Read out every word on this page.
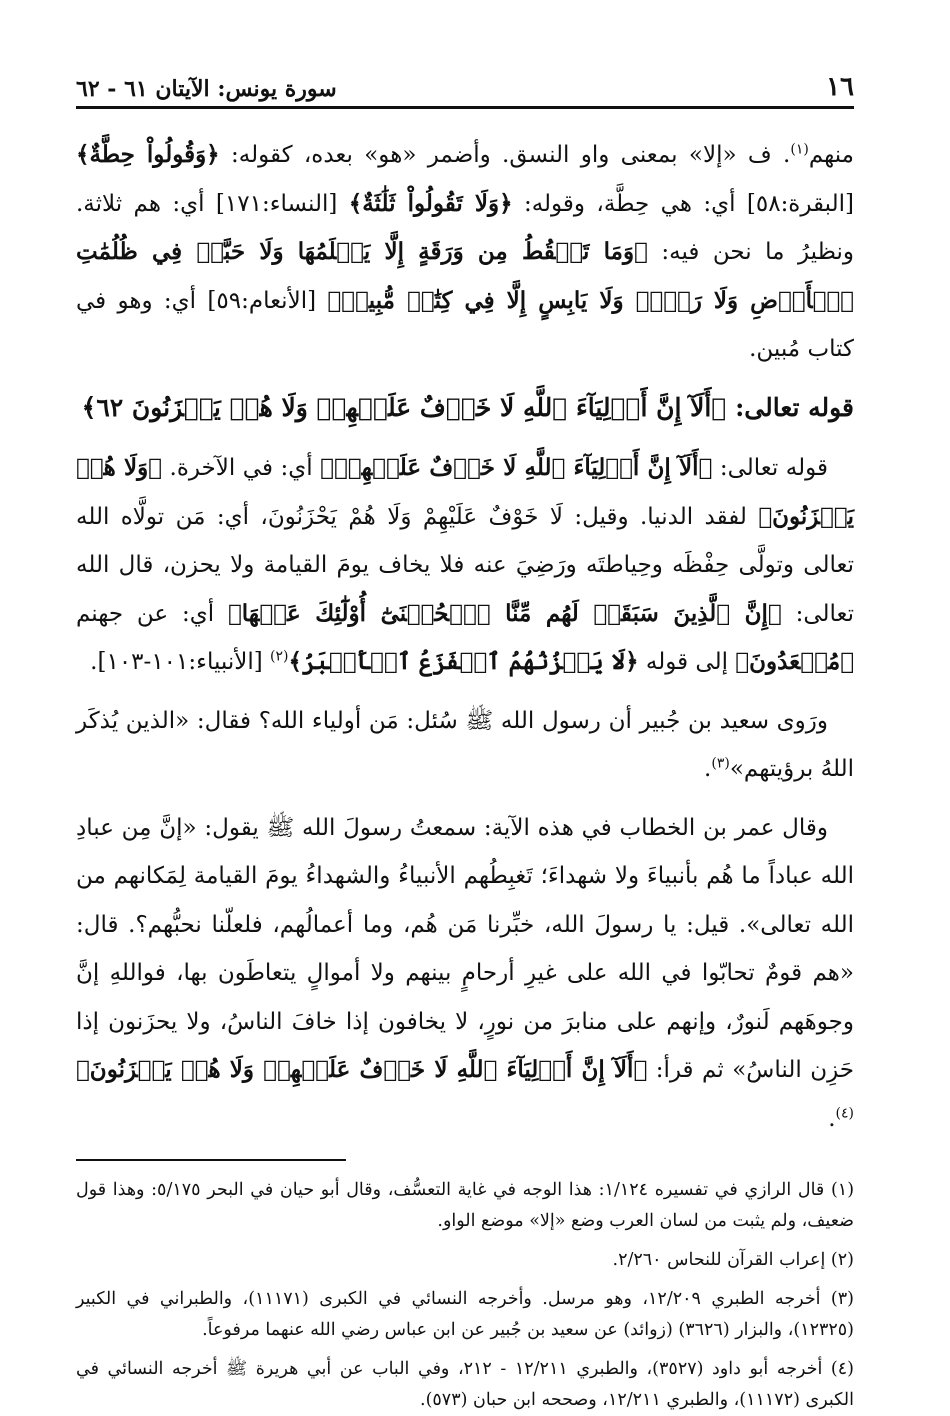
١٦
سورة يونس: الآيتان ٦١ - ٦٢

منهم$^{(١)}$. ف «إلا» بمعنى واو النسق. وأضمر «هو» بعده، كقوله: ﴿وَقُولُواْ حِطَّةٌ﴾ [البقرة:٥٨] أي: هي حِطَّة، وقوله: ﴿وَلَا تَقُولُواْ ثَلَٰثَةٌ﴾ [النساء:١٧١] أي: هم ثلاثة. ونظيرُ ما نحن فيه: ﴿وَمَا تَسۡقُطُ مِن وَرَقَةٍ إِلَّا يَعۡلَمُهَا وَلَا حَبَّةٖ فِي ظُلُمَٰتِ ٱلۡأَرۡضِ وَلَا رَطۡبٖ وَلَا يَابِسٍ إِلَّا فِي كِتَٰبٖ مُّبِينٖ﴾ [الأنعام:٥٩] أي: وهو في كتاب مُبين.

قوله تعالى: ﴿أَلَآ إِنَّ أَوۡلِيَآءَ ٱللَّهِ لَا خَوۡفٌ عَلَيۡهِمۡ وَلَا هُمۡ يَحۡزَنُونَ ٦٢﴾

قوله تعالى: ﴿أَلَآ إِنَّ أَوۡلِيَآءَ ٱللَّهِ لَا خَوۡفٌ عَلَيۡهِمۡ﴾ أي: في الآخرة. ﴿وَلَا هُمۡ يَحۡزَنُونَ﴾ لفقد الدنيا. وقيل: لَا خَوْفٌ عَلَيْهِمْ وَلَا هُمْ يَحْزَنُونَ، أي: مَن تولَّاه الله تعالى وتولَّى حِفْظَه وحِياطتَه ورَضِيَ عنه فلا يخاف يومَ القيامة ولا يحزن، قال الله تعالى: ﴿إِنَّ ٱلَّذِينَ سَبَقَتۡ لَهُم مِّنَّا ٱلۡحُسۡنَىٰٓ أُوْلَٰٓئِكَ عَنۡهَا﴾ أي: عن جهنم ﴿مُبۡعَدُونَ﴾ إلى قوله ﴿لَا يَحۡزُنُهُمُ ٱلۡفَزَعُ ٱلۡأَكۡبَرُ﴾$^{(٢)}$ [الأنبياء:١٠١-١٠٣].

ورَوى سعيد بن جُبير أن رسول الله ﷺ سُئل: مَن أولياء الله؟ فقال: «الذين يُذكَر اللهُ برؤيتهم»$^{(٣)}$.

وقال عمر بن الخطاب في هذه الآية: سمعتُ رسولَ الله ﷺ يقول: «إنَّ مِن عبادِ الله عباداً ما هُم بأنبياءَ ولا شهداءَ؛ تَغبِطُهم الأنبياءُ والشهداءُ يومَ القيامة لِمَكانهم من الله تعالى». قيل: يا رسولَ الله، خبِّرنا مَن هُم، وما أعمالُهم، فلعلّنا نحبُّهم؟. قال: «هم قومٌ تحابّوا في الله على غيرِ أرحامٍ بينهم ولا أموالٍ يتعاطَون بها، فواللهِ إنَّ وجوهَهم لَنورٌ، وإنهم على منابرَ من نورٍ، لا يخافون إذا خافَ الناسُ، ولا يحزَنون إذا حَزِن الناسُ» ثم قرأ: ﴿أَلَآ إِنَّ أَوۡلِيَآءَ ٱللَّهِ لَا خَوۡفٌ عَلَيۡهِمۡ وَلَا هُمۡ يَحۡزَنُونَ﴾$^{(٤)}$.

(١) قال الرازي في تفسيره ١/١٢٤: هذا الوجه في غاية التعسُّف، وقال أبو حيان في البحر ٥/١٧٥: وهذا قول ضعيف، ولم يثبت من لسان العرب وضع «إلا» موضع الواو.

(٢) إعراب القرآن للنحاس ٢/٢٦٠.

(٣) أخرجه الطبري ١٢/٢٠٩، وهو مرسل. وأخرجه النسائي في الكبرى (١١١٧١)، والطبراني في الكبير (١٢٣٢٥)، والبزار (٣٦٢٦) (زوائد) عن سعيد بن جُبير عن ابن عباس رضي الله عنهما مرفوعاً.

(٤) أخرجه أبو داود (٣٥٢٧)، والطبري ١٢/٢١١ - ٢١٢، وفي الباب عن أبي هريرة ﷺ أخرجه النسائي في الكبرى (١١١٧٢)، والطبري ١٢/٢١١، وصححه ابن حبان (٥٧٣).
